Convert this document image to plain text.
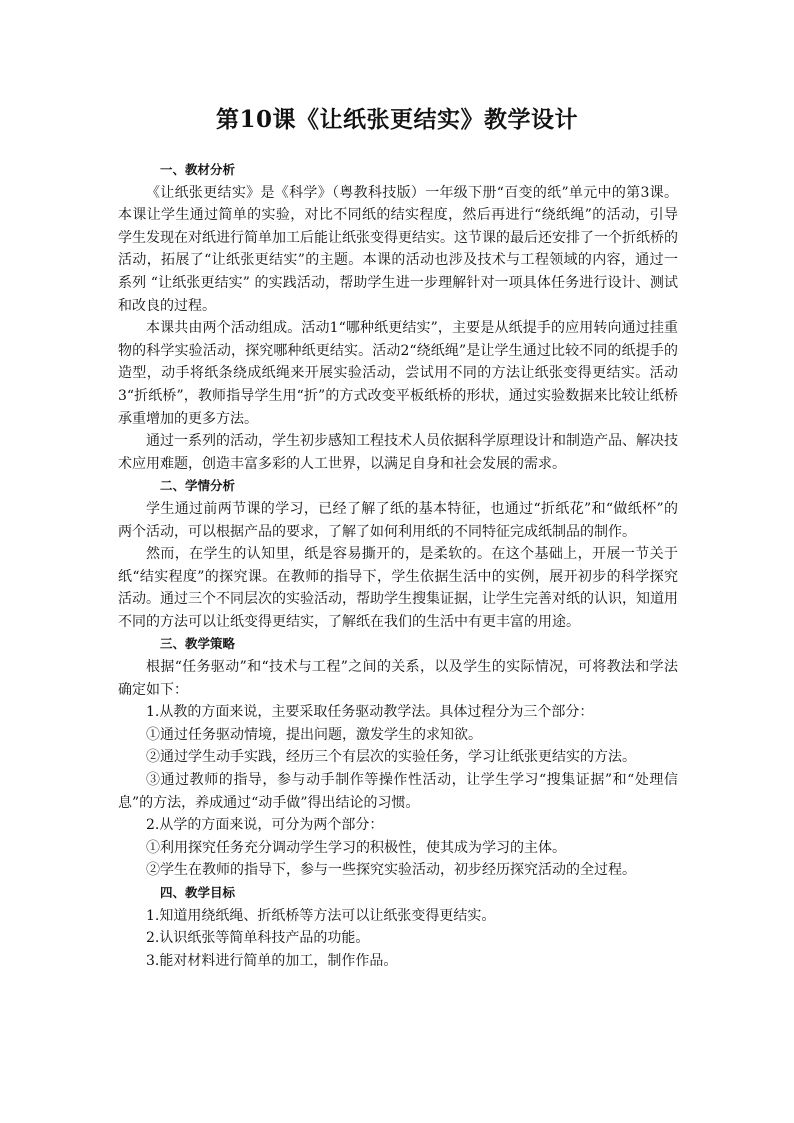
第10课《让纸张更结实》教学设计

一、教材分析

《让纸张更结实》是《科学》（粤教科技版）一年级下册“百变的纸”单元中的第3课。本课让学生通过简单的实验，对比不同纸的结实程度，然后再进行“绕纸绳”的活动，引导学生发现在对纸进行简单加工后能让纸张变得更结实。这节课的最后还安排了一个折纸桥的活动，拓展了“让纸张更结实”的主题。本课的活动也涉及技术与工程领域的内容，通过一系列 “让纸张更结实” 的实践活动，帮助学生进一步理解针对一项具体任务进行设计、测试和改良的过程。

本课共由两个活动组成。活动1“哪种纸更结实”，主要是从纸提手的应用转向通过挂重物的科学实验活动，探究哪种纸更结实。活动2“绕纸绳”是让学生通过比较不同的纸提手的造型，动手将纸条绕成纸绳来开展实验活动，尝试用不同的方法让纸张变得更结实。活动3“折纸桥”，教师指导学生用“折”的方式改变平板纸桥的形状，通过实验数据来比较让纸桥承重增加的更多方法。

通过一系列的活动，学生初步感知工程技术人员依据科学原理设计和制造产品、解决技术应用难题，创造丰富多彩的人工世界，以满足自身和社会发展的需求。

二、学情分析

学生通过前两节课的学习，已经了解了纸的基本特征，也通过“折纸花”和“做纸杯”的两个活动，可以根据产品的要求，了解了如何利用纸的不同特征完成纸制品的制作。

然而，在学生的认知里，纸是容易撕开的，是柔软的。在这个基础上，开展一节关于纸“结实程度”的探究课。在教师的指导下，学生依据生活中的实例，展开初步的科学探究活动。通过三个不同层次的实验活动，帮助学生搜集证据，让学生完善对纸的认识，知道用不同的方法可以让纸变得更结实，了解纸在我们的生活中有更丰富的用途。

三、教学策略

根据“任务驱动”和“技术与工程”之间的关系，以及学生的实际情况，可将教法和学法确定如下：

1.从教的方面来说，主要采取任务驱动教学法。具体过程分为三个部分：

①通过任务驱动情境，提出问题，激发学生的求知欲。

②通过学生动手实践，经历三个有层次的实验任务，学习让纸张更结实的方法。

③通过教师的指导，参与动手制作等操作性活动，让学生学习“搜集证据”和“处理信息”的方法，养成通过“动手做”得出结论的习惯。

2.从学的方面来说，可分为两个部分：

①利用探究任务充分调动学生学习的积极性，使其成为学习的主体。

②学生在教师的指导下，参与一些探究实验活动，初步经历探究活动的全过程。

四、教学目标

1.知道用绕纸绳、折纸桥等方法可以让纸张变得更结实。

2.认识纸张等简单科技产品的功能。

3.能对材料进行简单的加工，制作作品。
